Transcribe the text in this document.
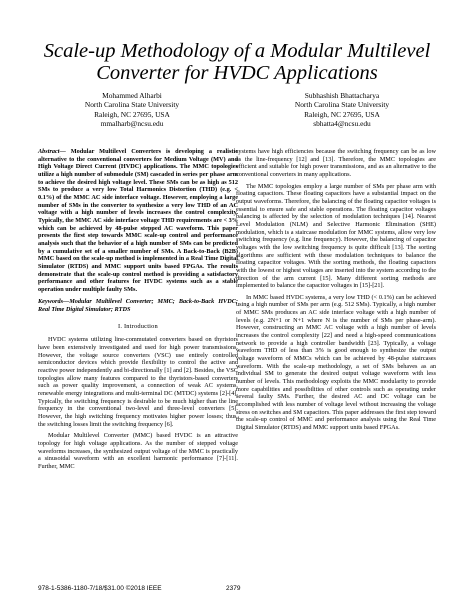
Scale-up Methodology of a Modular Multilevel
Converter for HVDC Applications
Mohammed Alharbi
North Carolina State University
Raleigh, NC 27695, USA
mmalharb@ncsu.edu
Subhashish Bhattacharya
North Carolina State University
Raleigh, NC 27695, USA
sbhatta4@ncsu.edu

Abstract— Modular Multilevel Converters is developing a realistic alternative to the conventional converters for Medium Voltage (MV) and High Voltage Direct Current (HVDC) applications. The MMC topologies utilize a high number of submodule (SM) cascaded in series per phase arm to achieve the desired high voltage level. These SMs can be as high as 512 SMs to produce a very low Total Harmonics Distortion (THD) (e.g. < 0.1%) of the MMC AC side interface voltage. However, employing a large number of SMs in the converter to synthesize a very low THD of an AC voltage with a high number of levels increases the control complexity. Typically, the MMC AC side interface voltage THD requirements are < 3% which can be achieved by 48-pulse stepped AC waveform. This paper presents the first step towards MMC scale-up control and performance analysis such that the behavior of a high number of SMs can be predicted by a cumulative set of a smaller number of SMs. A Back-to-Back (B2B) MMC based on the scale-up method is implemented in a Real Time Digital Simulator (RTDS) and MMC support units based FPGAs. The results demonstrate that the scale-up control method is providing a satisfactory performance and other features for HVDC systems such as a stable operation under multiple faulty SMs.

Keywords—Modular Multilevel Converter; MMC; Back-to-Back HVDC; Real Time Digital Simulator; RTDS

I. Introduction

HVDC systems utilizing line-commutated converters based on thyristors have been extensively investigated and used for high power transmissions. However, the voltage source converters (VSC) use entirely controlled semiconductor devices which provide flexibility to control the active and reactive power independently and bi-directionally [1] and [2]. Besides, the VSC topologies allow many features compared to the thyristors-based converters such as power quality improvement, a connection of weak AC systems, renewable energy integrations and multi-terminal DC (MTDC) systems [2]-[4]. Typically, the switching frequency is desirable to be much higher than the line frequency in the conventional two-level and three-level converters [5]. However, the high switching frequency motivates higher power losses; thus, the switching losses limit the switching frequency [6].

Modular Multilevel Converter (MMC) based HVDC is an attractive topology for high voltage applications. As the number of stepped voltage waveforms increases, the synthesized output voltage of the MMC is practically a sinusoidal waveform with an excellent harmonic performance [7]-[11]. Further, MMC

systems have high efficiencies because the switching frequency can be as low as the line-frequency [12] and [13]. Therefore, the MMC topologies are efficient and suitable for high power transmissions, and as an alternative to the conventional converters in many applications.

The MMC topologies employ a large number of SMs per phase arm with floating capacitors. These floating capacitors have a substantial impact on the output waveforms. Therefore, the balancing of the floating capacitor voltages is essential to ensure safe and stable operations. The floating capacitor voltages balancing is affected by the selection of modulation techniques [14]. Nearest Level Modulation (NLM) and Selective Harmonic Elimination (SHE) modulation, which is a staircase modulation for MMC systems, allow very low switching frequency (e.g. line frequency). However, the balancing of capacitor voltages with the low switching frequency is quite difficult [13]. The sorting algorithms are sufficient with these modulation techniques to balance the floating capacitor voltages. With the sorting methods, the floating capacitors with the lowest or highest voltages are inserted into the system according to the direction of the arm current [15]. Many different sorting methods are implemented to balance the capacitor voltages in [15]-[21].

In MMC based HVDC systems, a very low THD (< 0.1%) can be achieved using a high number of SMs per arm (e.g. 512 SMs). Typically, a high number of MMC SMs produces an AC side interface voltage with a high number of levels (e.g. 2N+1 or N+1 where N is the number of SMs per phase-arm). However, constructing an MMC AC voltage with a high number of levels increases the control complexity [22] and need a high-speed communications network to provide a high controller bandwidth [23]. Typically, a voltage waveform THD of less than 3% is good enough to synthesize the output voltage waveform of MMCs which can be achieved by 48-pulse staircases waveform. With the scale-up methodology, a set of SMs behaves as an individual SM to generate the desired output voltage waveform with less number of levels. This methodology exploits the MMC modularity to provide more capabilities and possibilities of other controls such as operating under several faulty SMs. Further, the desired AC and DC voltage can be accomplished with less number of voltage level without increasing the voltage stress on switches and SM capacitors. This paper addresses the first step toward the scale-up control of MMC and performance analysis using the Real Time Digital Simulator (RTDS) and MMC support units based FPGAs.

978-1-5386-1180-7/18/$31.00 ©2018 IEEE	2379
